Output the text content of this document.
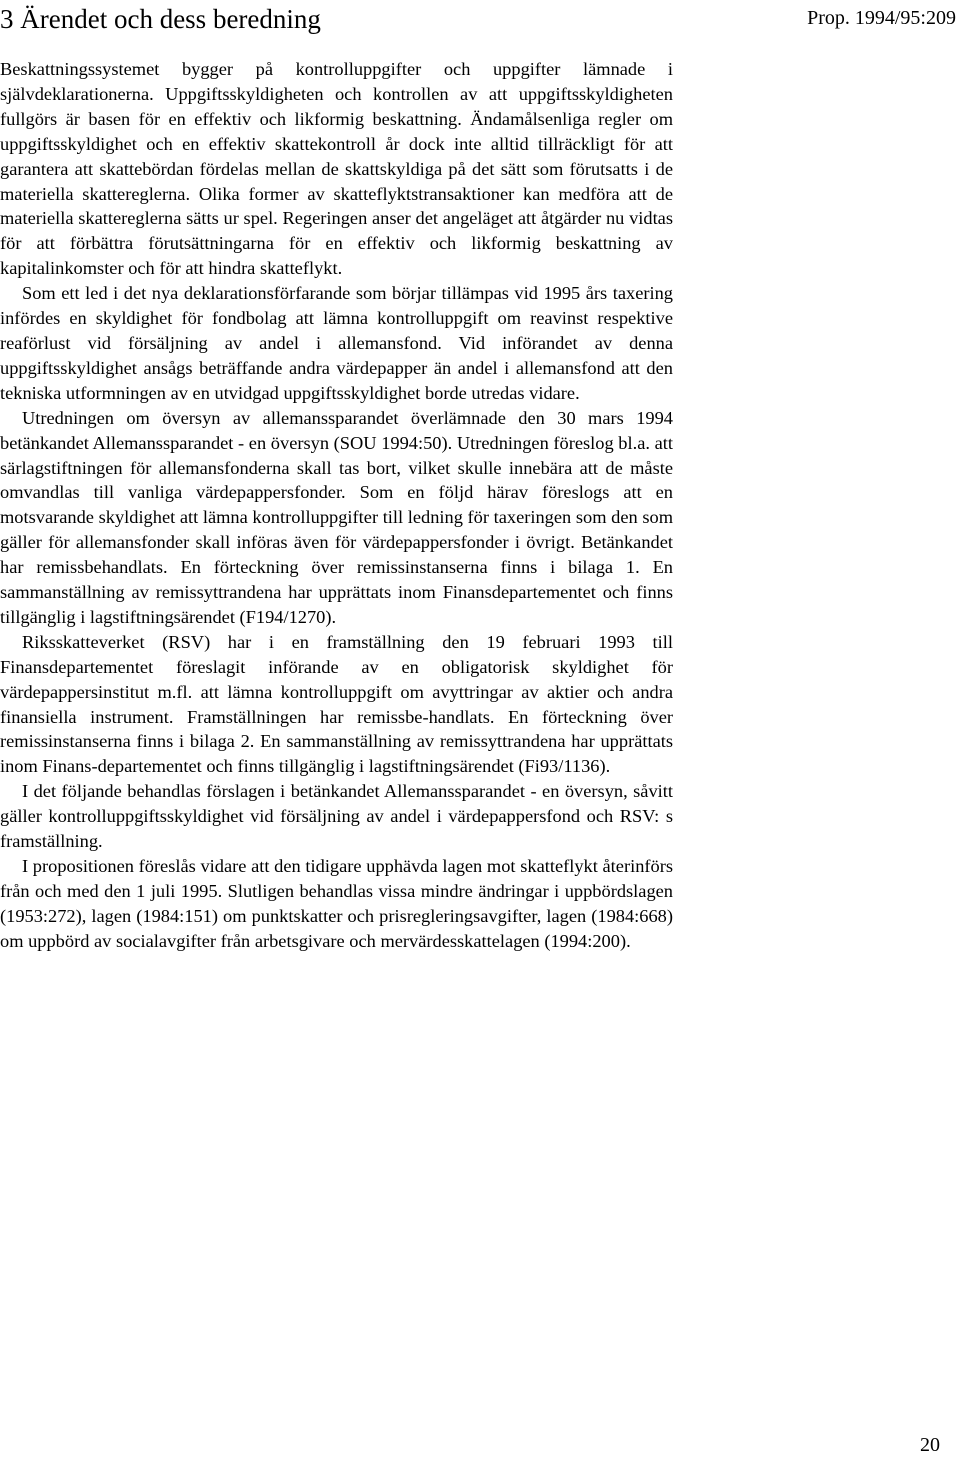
3 Ärendet och dess beredning	Prop. 1994/95:209

Beskattningssystemet bygger på kontrolluppgifter och uppgifter lämnade i självdeklarationerna. Uppgiftsskyldigheten och kontrollen av att uppgiftsskyldigheten fullgörs är basen för en effektiv och likformig beskattning. Ändamålsenliga regler om uppgiftsskyldighet och en effektiv skattekontroll år dock inte alltid tillräckligt för att garantera att skattebördan fördelas mellan de skattskyldiga på det sätt som förutsatts i de materiella skattereglerna. Olika former av skatteflyktstransaktioner kan medföra att de materiella skattereglerna sätts ur spel. Regeringen anser det angeläget att åtgärder nu vidtas för att förbättra förutsättningarna för en effektiv och likformig beskattning av kapitalinkomster och för att hindra skatteflykt.

Som ett led i det nya deklarationsförfarande som börjar tillämpas vid 1995 års taxering infördes en skyldighet för fondbolag att lämna kontrolluppgift om reavinst respektive reaförlust vid försäljning av andel i allemansfond. Vid införandet av denna uppgiftsskyldighet ansågs beträffande andra värdepapper än andel i allemansfond att den tekniska utformningen av en utvidgad uppgiftsskyldighet borde utredas vidare.

Utredningen om översyn av allemanssparandet överlämnade den 30 mars 1994 betänkandet Allemanssparandet - en översyn (SOU 1994:50). Utredningen föreslog bl.a. att särlagstiftningen för allemansfonderna skall tas bort, vilket skulle innebära att de måste omvandlas till vanliga värdepappersfonder. Som en följd härav föreslogs att en motsvarande skyldighet att lämna kontrolluppgifter till ledning för taxeringen som den som gäller för allemansfonder skall införas även för värdepappersfonder i övrigt. Betänkandet har remissbehandlats. En förteckning över remissinstanserna finns i bilaga 1. En sammanställning av remissyttrandena har upprättats inom Finansdepartementet och finns tillgänglig i lagstiftningsärendet (F194/1270).

Riksskatteverket (RSV) har i en framställning den 19 februari 1993 till Finansdepartementet föreslagit införande av en obligatorisk skyldighet för värdepappersinstitut m.fl. att lämna kontrolluppgift om avyttringar av aktier och andra finansiella instrument. Framställningen har remissbe-handlats. En förteckning över remissinstanserna finns i bilaga 2. En sammanställning av remissyttrandena har upprättats inom Finans-departementet och finns tillgänglig i lagstiftningsärendet (Fi93/1136).

I det följande behandlas förslagen i betänkandet Allemanssparandet - en översyn, såvitt gäller kontrolluppgiftsskyldighet vid försäljning av andel i värdepappersfond och RSV: s framställning.

I propositionen föreslås vidare att den tidigare upphävda lagen mot skatteflykt återinförs från och med den 1 juli 1995. Slutligen behandlas vissa mindre ändringar i uppbördslagen (1953:272), lagen (1984:151) om punktskatter och prisregleringsavgifter, lagen (1984:668) om uppbörd av socialavgifter från arbetsgivare och mervärdesskattelagen (1994:200).

20
